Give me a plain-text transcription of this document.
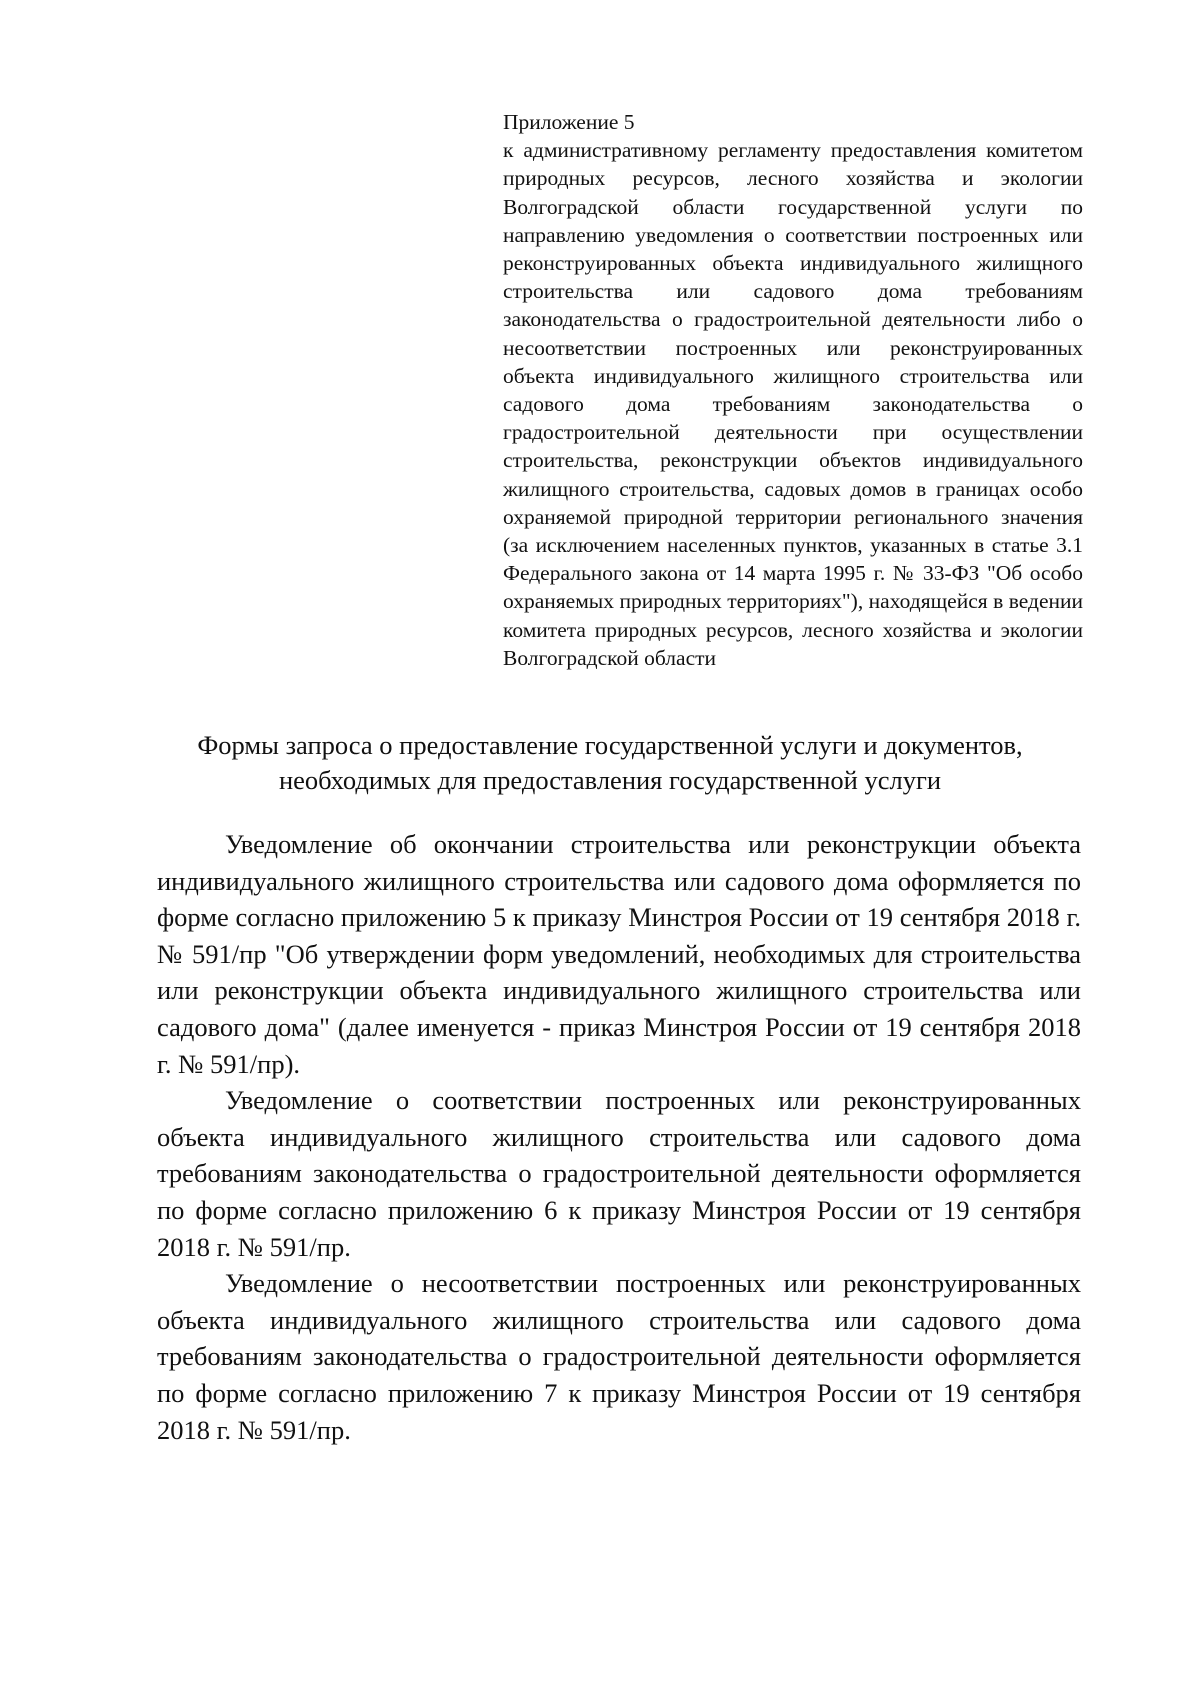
Приложение 5
к административному регламенту предоставления комитетом природных ресурсов, лесного хозяйства и экологии Волгоградской области государственной услуги по направлению уведомления о соответствии построенных или реконструированных объекта индивидуального жилищного строительства или садового дома требованиям законодательства о градостроительной деятельности либо о несоответствии построенных или реконструированных объекта индивидуального жилищного строительства или садового дома требованиям законодательства о градостроительной деятельности при осуществлении строительства, реконструкции объектов индивидуального жилищного строительства, садовых домов в границах особо охраняемой природной территории регионального значения (за исключением населенных пунктов, указанных в статье 3.1 Федерального закона от 14 марта 1995 г. № 33-ФЗ "Об особо охраняемых природных территориях"), находящейся в ведении комитета природных ресурсов, лесного хозяйства и экологии Волгоградской области
Формы запроса о предоставление государственной услуги и документов,
необходимых для предоставления государственной услуги

Уведомление об окончании строительства или реконструкции объекта индивидуального жилищного строительства или садового дома оформляется по форме согласно приложению 5 к приказу Минстроя России от 19 сентября 2018 г. № 591/пр "Об утверждении форм уведомлений, необходимых для строительства или реконструкции объекта индивидуального жилищного строительства или садового дома" (далее именуется - приказ Минстроя России от 19 сентября 2018 г. № 591/пр).

Уведомление о соответствии построенных или реконструированных объекта индивидуального жилищного строительства или садового дома требованиям законодательства о градостроительной деятельности оформляется по форме согласно приложению 6 к приказу Минстроя России от 19 сентября 2018 г. № 591/пр.

Уведомление о несоответствии построенных или реконструированных объекта индивидуального жилищного строительства или садового дома требованиям законодательства о градостроительной деятельности оформляется по форме согласно приложению 7 к приказу Минстроя России от 19 сентября 2018 г. № 591/пр.
